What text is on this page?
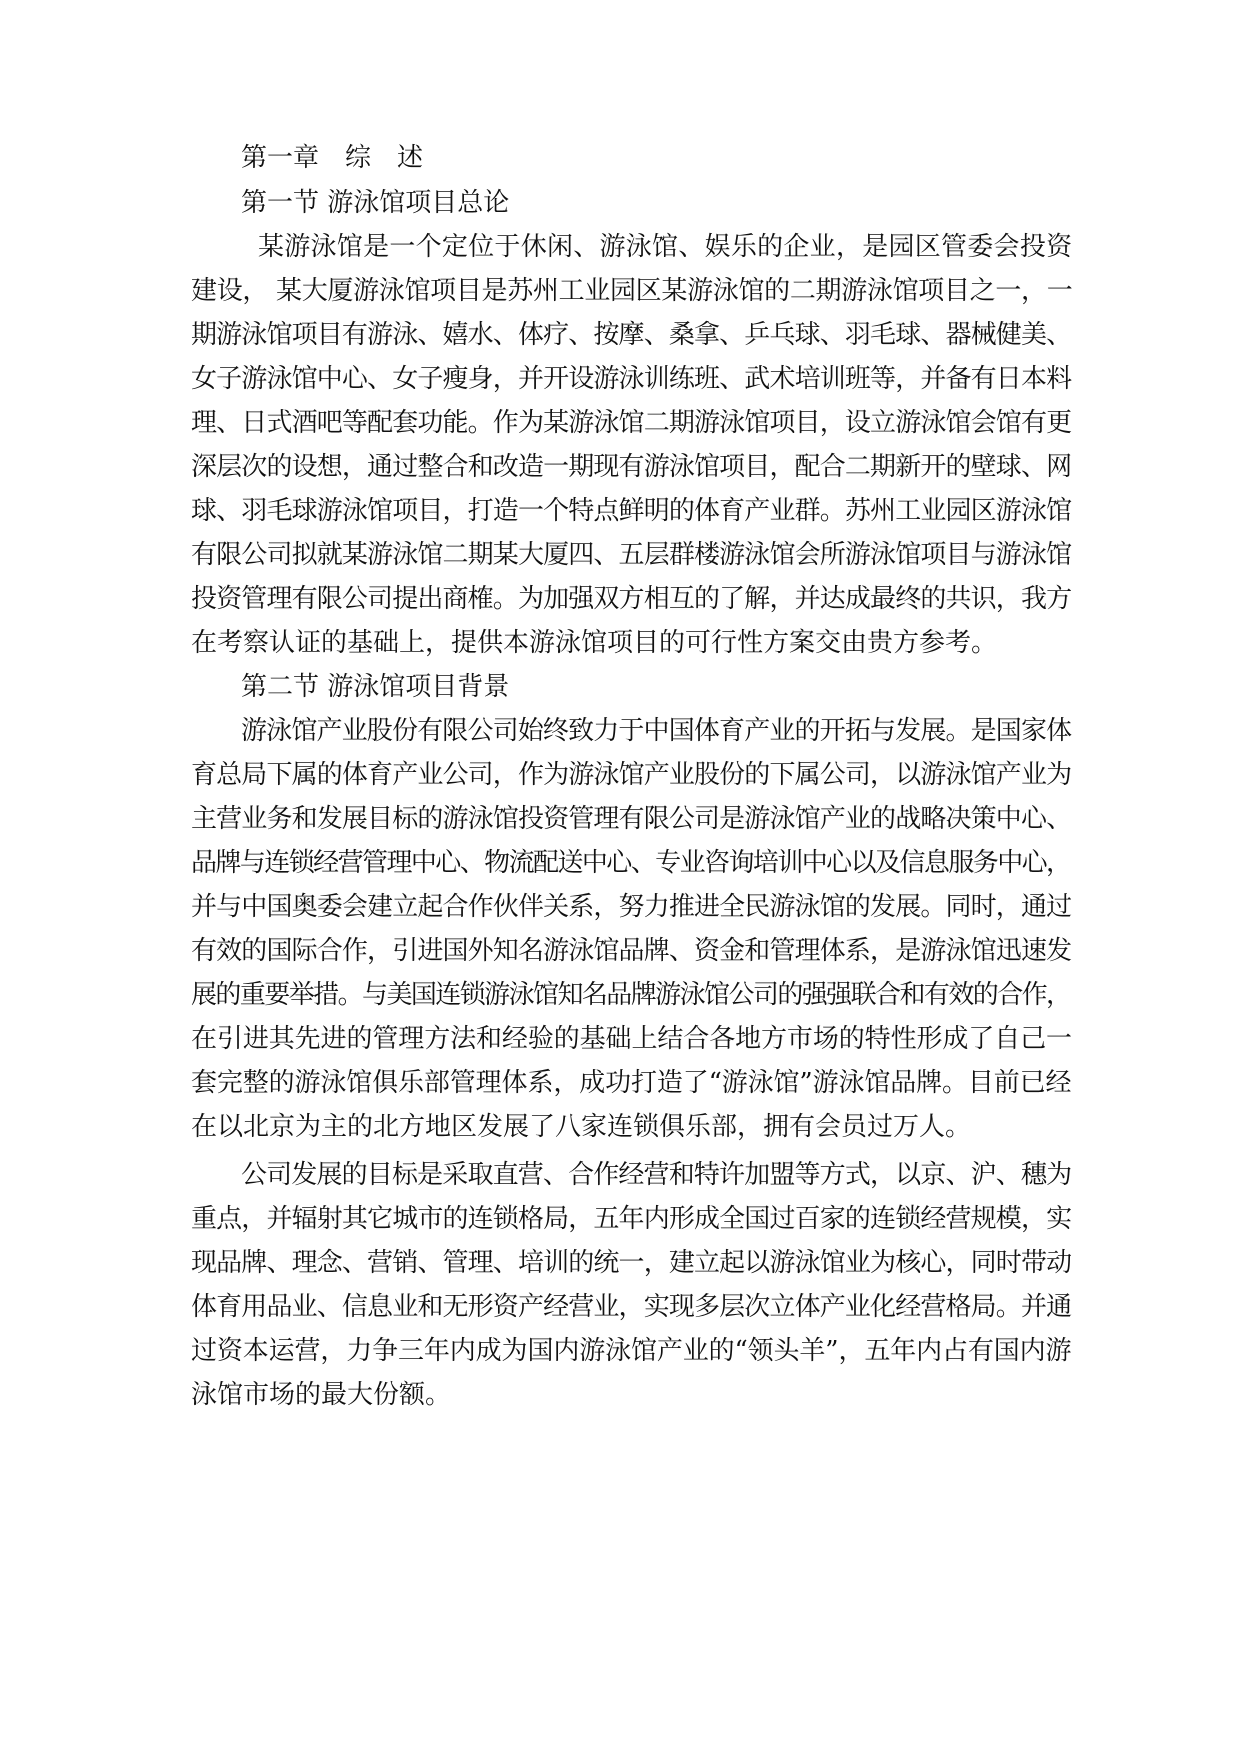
第一章　综　述
第一节 游泳馆项目总论
某游泳馆是一个定位于休闲、游泳馆、娱乐的企业，是园区管委会投资
建设， 某大厦游泳馆项目是苏州工业园区某游泳馆的二期游泳馆项目之一，一
期游泳馆项目有游泳、嬉水、体疗、按摩、桑拿、乒乓球、羽毛球、器械健美、
女子游泳馆中心、女子瘦身，并开设游泳训练班、武术培训班等，并备有日本料
理、日式酒吧等配套功能。作为某游泳馆二期游泳馆项目，设立游泳馆会馆有更
深层次的设想，通过整合和改造一期现有游泳馆项目，配合二期新开的壁球、网
球、羽毛球游泳馆项目，打造一个特点鲜明的体育产业群。苏州工业园区游泳馆
有限公司拟就某游泳馆二期某大厦四、五层群楼游泳馆会所游泳馆项目与游泳馆
投资管理有限公司提出商榷。为加强双方相互的了解，并达成最终的共识，我方
在考察认证的基础上，提供本游泳馆项目的可行性方案交由贵方参考。
第二节 游泳馆项目背景
游泳馆产业股份有限公司始终致力于中国体育产业的开拓与发展。是国家体
育总局下属的体育产业公司，作为游泳馆产业股份的下属公司，以游泳馆产业为
主营业务和发展目标的游泳馆投资管理有限公司是游泳馆产业的战略决策中心、
品牌与连锁经营管理中心、物流配送中心、专业咨询培训中心以及信息服务中心，
并与中国奥委会建立起合作伙伴关系，努力推进全民游泳馆的发展。同时，通过
有效的国际合作，引进国外知名游泳馆品牌、资金和管理体系，是游泳馆迅速发
展的重要举措。与美国连锁游泳馆知名品牌游泳馆公司的强强联合和有效的合作，
在引进其先进的管理方法和经验的基础上结合各地方市场的特性形成了自己一
套完整的游泳馆俱乐部管理体系，成功打造了“游泳馆”游泳馆品牌。目前已经
在以北京为主的北方地区发展了八家连锁俱乐部，拥有会员过万人。
公司发展的目标是采取直营、合作经营和特许加盟等方式，以京、沪、穗为
重点，并辐射其它城市的连锁格局，五年内形成全国过百家的连锁经营规模，实
现品牌、理念、营销、管理、培训的统一，建立起以游泳馆业为核心，同时带动
体育用品业、信息业和无形资产经营业，实现多层次立体产业化经营格局。并通
过资本运营，力争三年内成为国内游泳馆产业的“领头羊”，五年内占有国内游
泳馆市场的最大份额。
